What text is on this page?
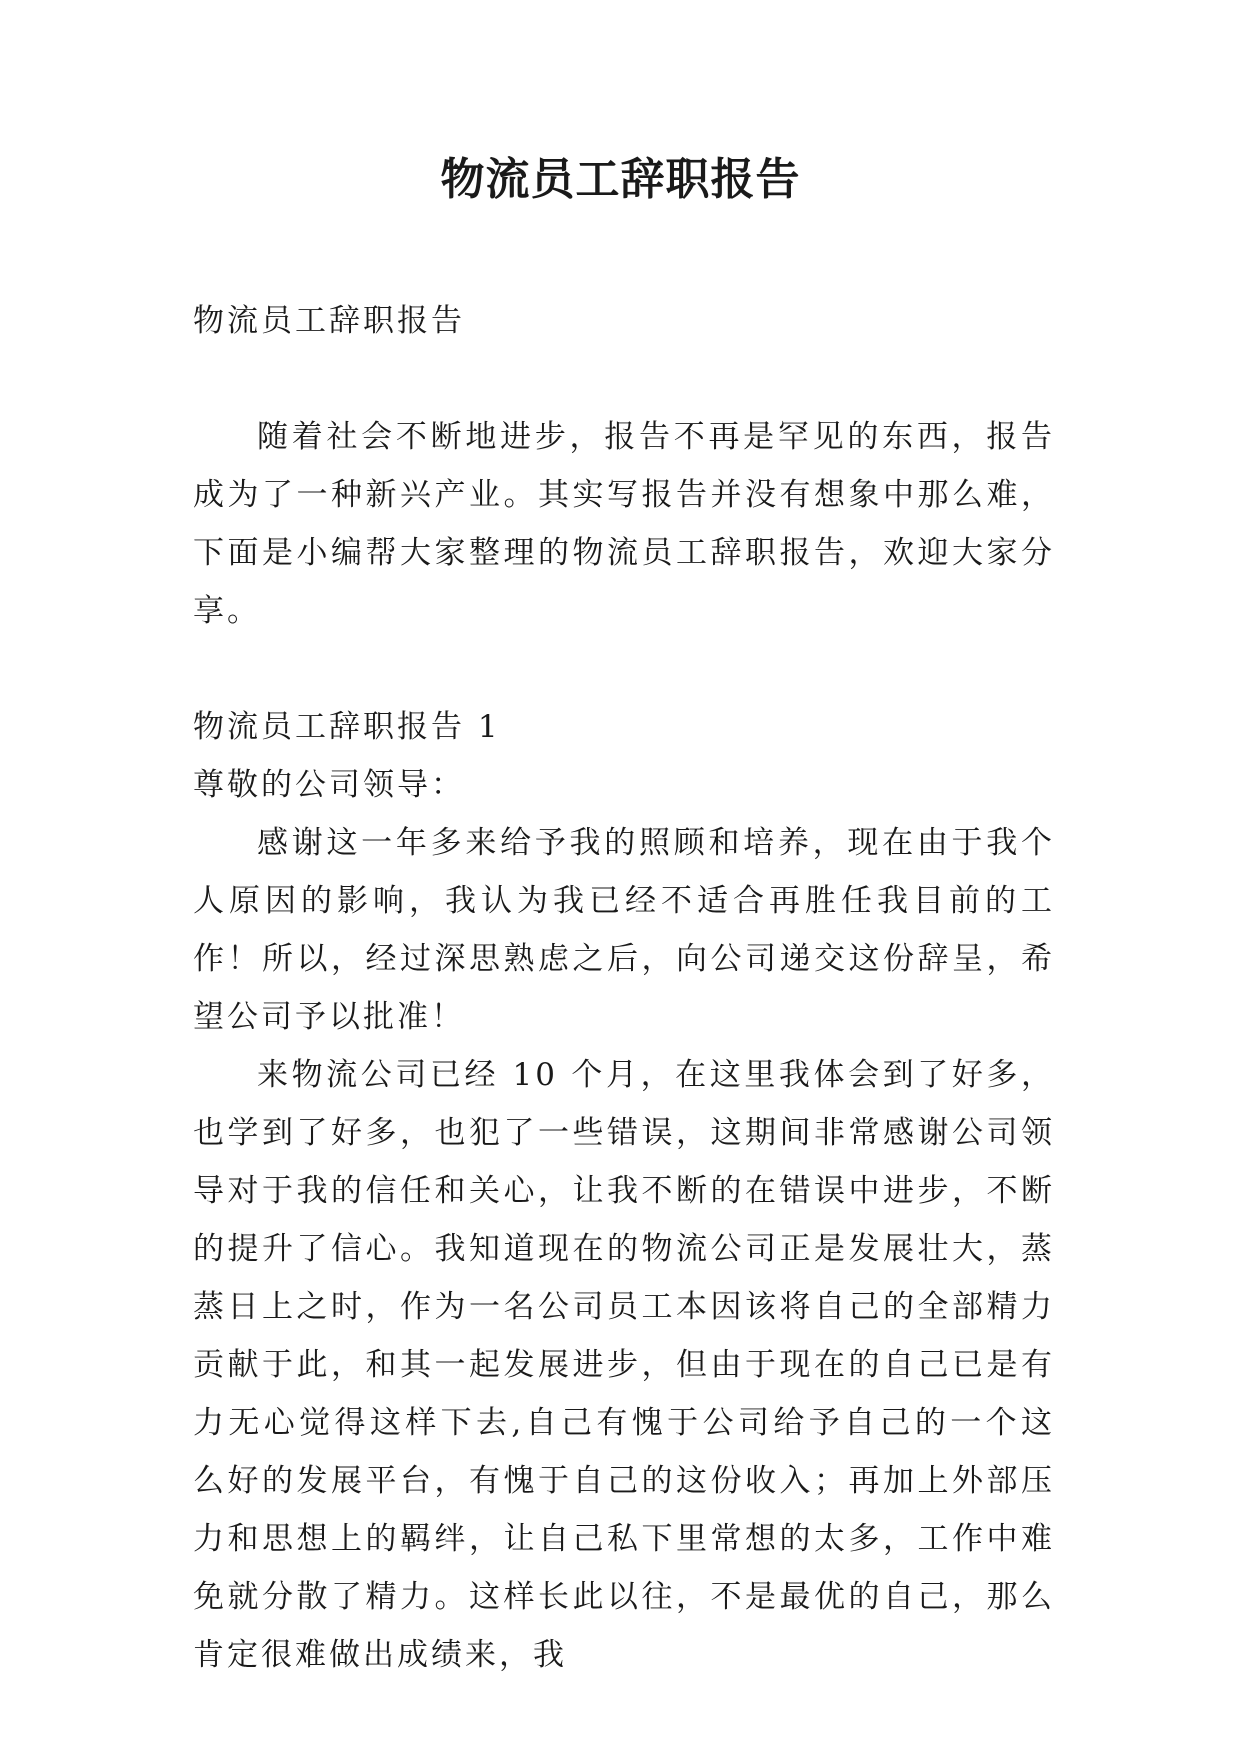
物流员工辞职报告

物流员工辞职报告

随着社会不断地进步，报告不再是罕见的东西，报告成为了一种新兴产业。其实写报告并没有想象中那么难，下面是小编帮大家整理的物流员工辞职报告，欢迎大家分享。

物流员工辞职报告 1

尊敬的公司领导：

感谢这一年多来给予我的照顾和培养，现在由于我个人原因的影响，我认为我已经不适合再胜任我目前的工作！所以，经过深思熟虑之后，向公司递交这份辞呈，希望公司予以批准！

来物流公司已经 10 个月，在这里我体会到了好多，也学到了好多，也犯了一些错误，这期间非常感谢公司领导对于我的信任和关心，让我不断的在错误中进步，不断的提升了信心。我知道现在的物流公司正是发展壮大，蒸蒸日上之时，作为一名公司员工本因该将自己的全部精力贡献于此，和其一起发展进步，但由于现在的自己已是有力无心觉得这样下去,自己有愧于公司给予自己的一个这么好的发展平台，有愧于自己的这份收入；再加上外部压力和思想上的羁绊，让自己私下里常想的太多，工作中难免就分散了精力。这样长此以往，不是最优的自己，那么肯定很难做出成绩来，我
